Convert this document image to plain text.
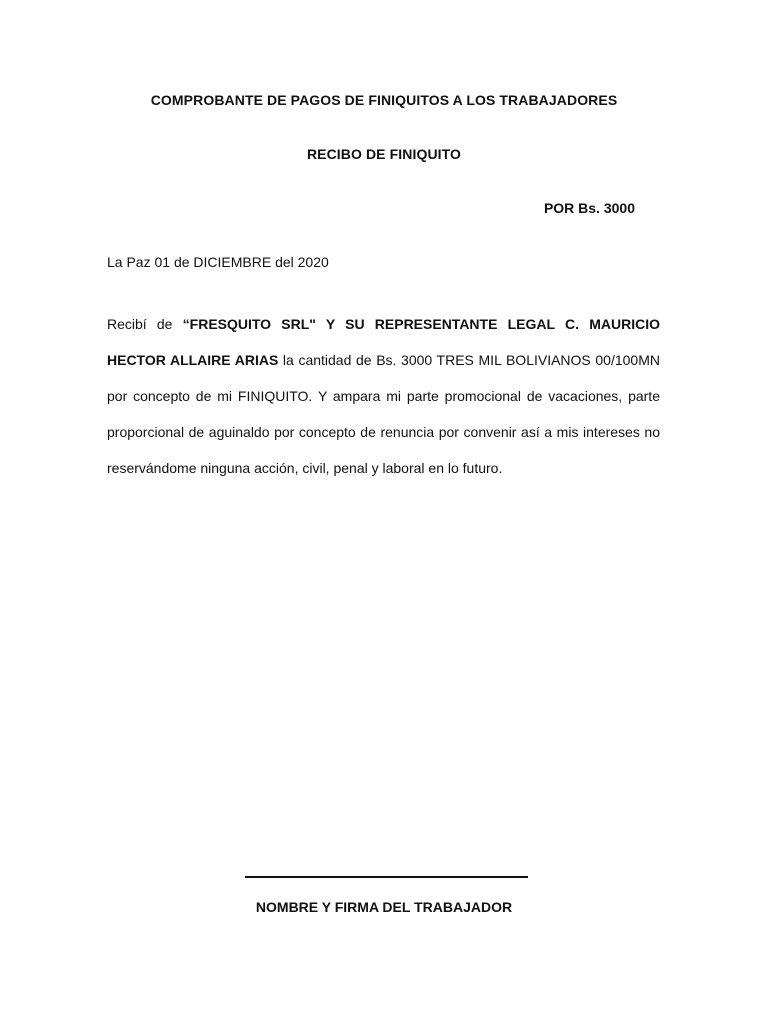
COMPROBANTE DE PAGOS DE FINIQUITOS A LOS TRABAJADORES
RECIBO DE FINIQUITO
POR Bs. 3000
La Paz 01 de DICIEMBRE del 2020
Recibí de “FRESQUITO SRL" Y SU REPRESENTANTE LEGAL C. MAURICIO HECTOR ALLAIRE ARIAS la cantidad de Bs. 3000 TRES MIL BOLIVIANOS 00/100MN por concepto de mi FINIQUITO. Y ampara mi parte promocional de vacaciones, parte proporcional de aguinaldo por concepto de renuncia por convenir así a mis intereses no reservándome ninguna acción, civil, penal y laboral en lo futuro.
NOMBRE Y FIRMA DEL TRABAJADOR
